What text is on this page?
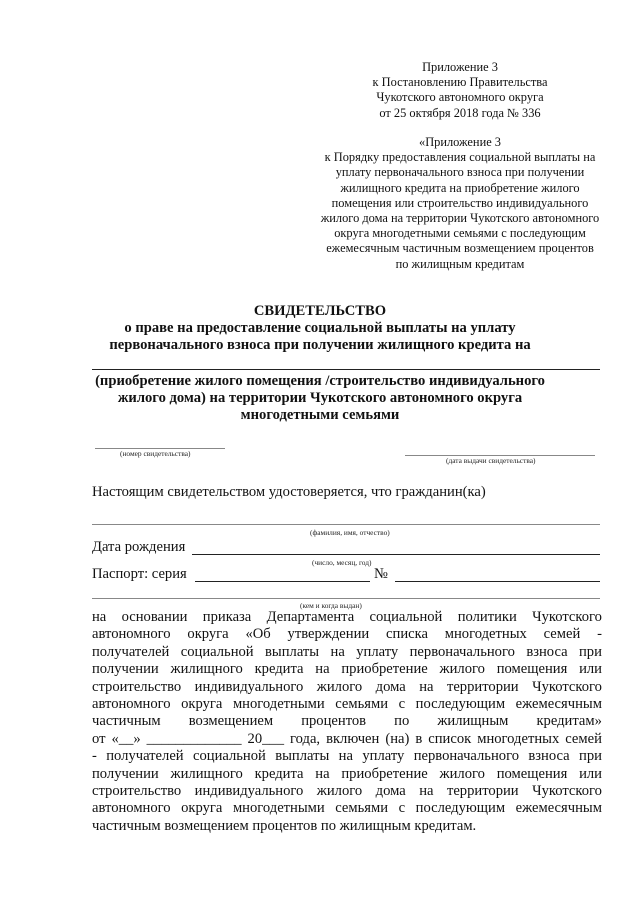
Приложение 3
к Постановлению Правительства
Чукотского автономного округа
от 25 октября 2018 года № 336
«Приложение 3
к Порядку предоставления социальной выплаты на
уплату первоначального взноса при получении
жилищного кредита на приобретение жилого
помещения или строительство индивидуального
жилого дома на территории Чукотского автономного
округа многодетными семьями с последующим
ежемесячным частичным возмещением процентов
по жилищным кредитам
СВИДЕТЕЛЬСТВО
о праве на предоставление социальной выплаты на уплату
первоначального взноса при получении жилищного кредита на
(приобретение жилого помещения /строительство индивидуального
жилого дома) на территории Чукотского автономного округа
многодетными семьями
(номер свидетельства)
(дата выдачи свидетельства)
Настоящим свидетельством удостоверяется, что гражданин(ка)
(фамилия, имя, отчество)
Дата рождения
(число, месяц, год)
Паспорт: серия	№
(кем и когда выдан)
на основании приказа Департамента социальной политики Чукотского
автономного округа «Об утверждении списка многодетных семей -
получателей социальной выплаты на уплату первоначального взноса при
получении жилищного кредита на приобретение жилого помещения или
строительство индивидуального жилого дома на территории Чукотского
автономного округа многодетными семьями с последующим ежемесячным
частичным возмещением процентов по жилищным кредитам»
от «__» _____________ 20___ года, включен (на) в список многодетных семей
- получателей социальной выплаты на уплату первоначального взноса при
получении жилищного кредита на приобретение жилого помещения или
строительство индивидуального жилого дома на территории Чукотского
автономного округа многодетными семьями с последующим ежемесячным
частичным возмещением процентов по жилищным кредитам.
